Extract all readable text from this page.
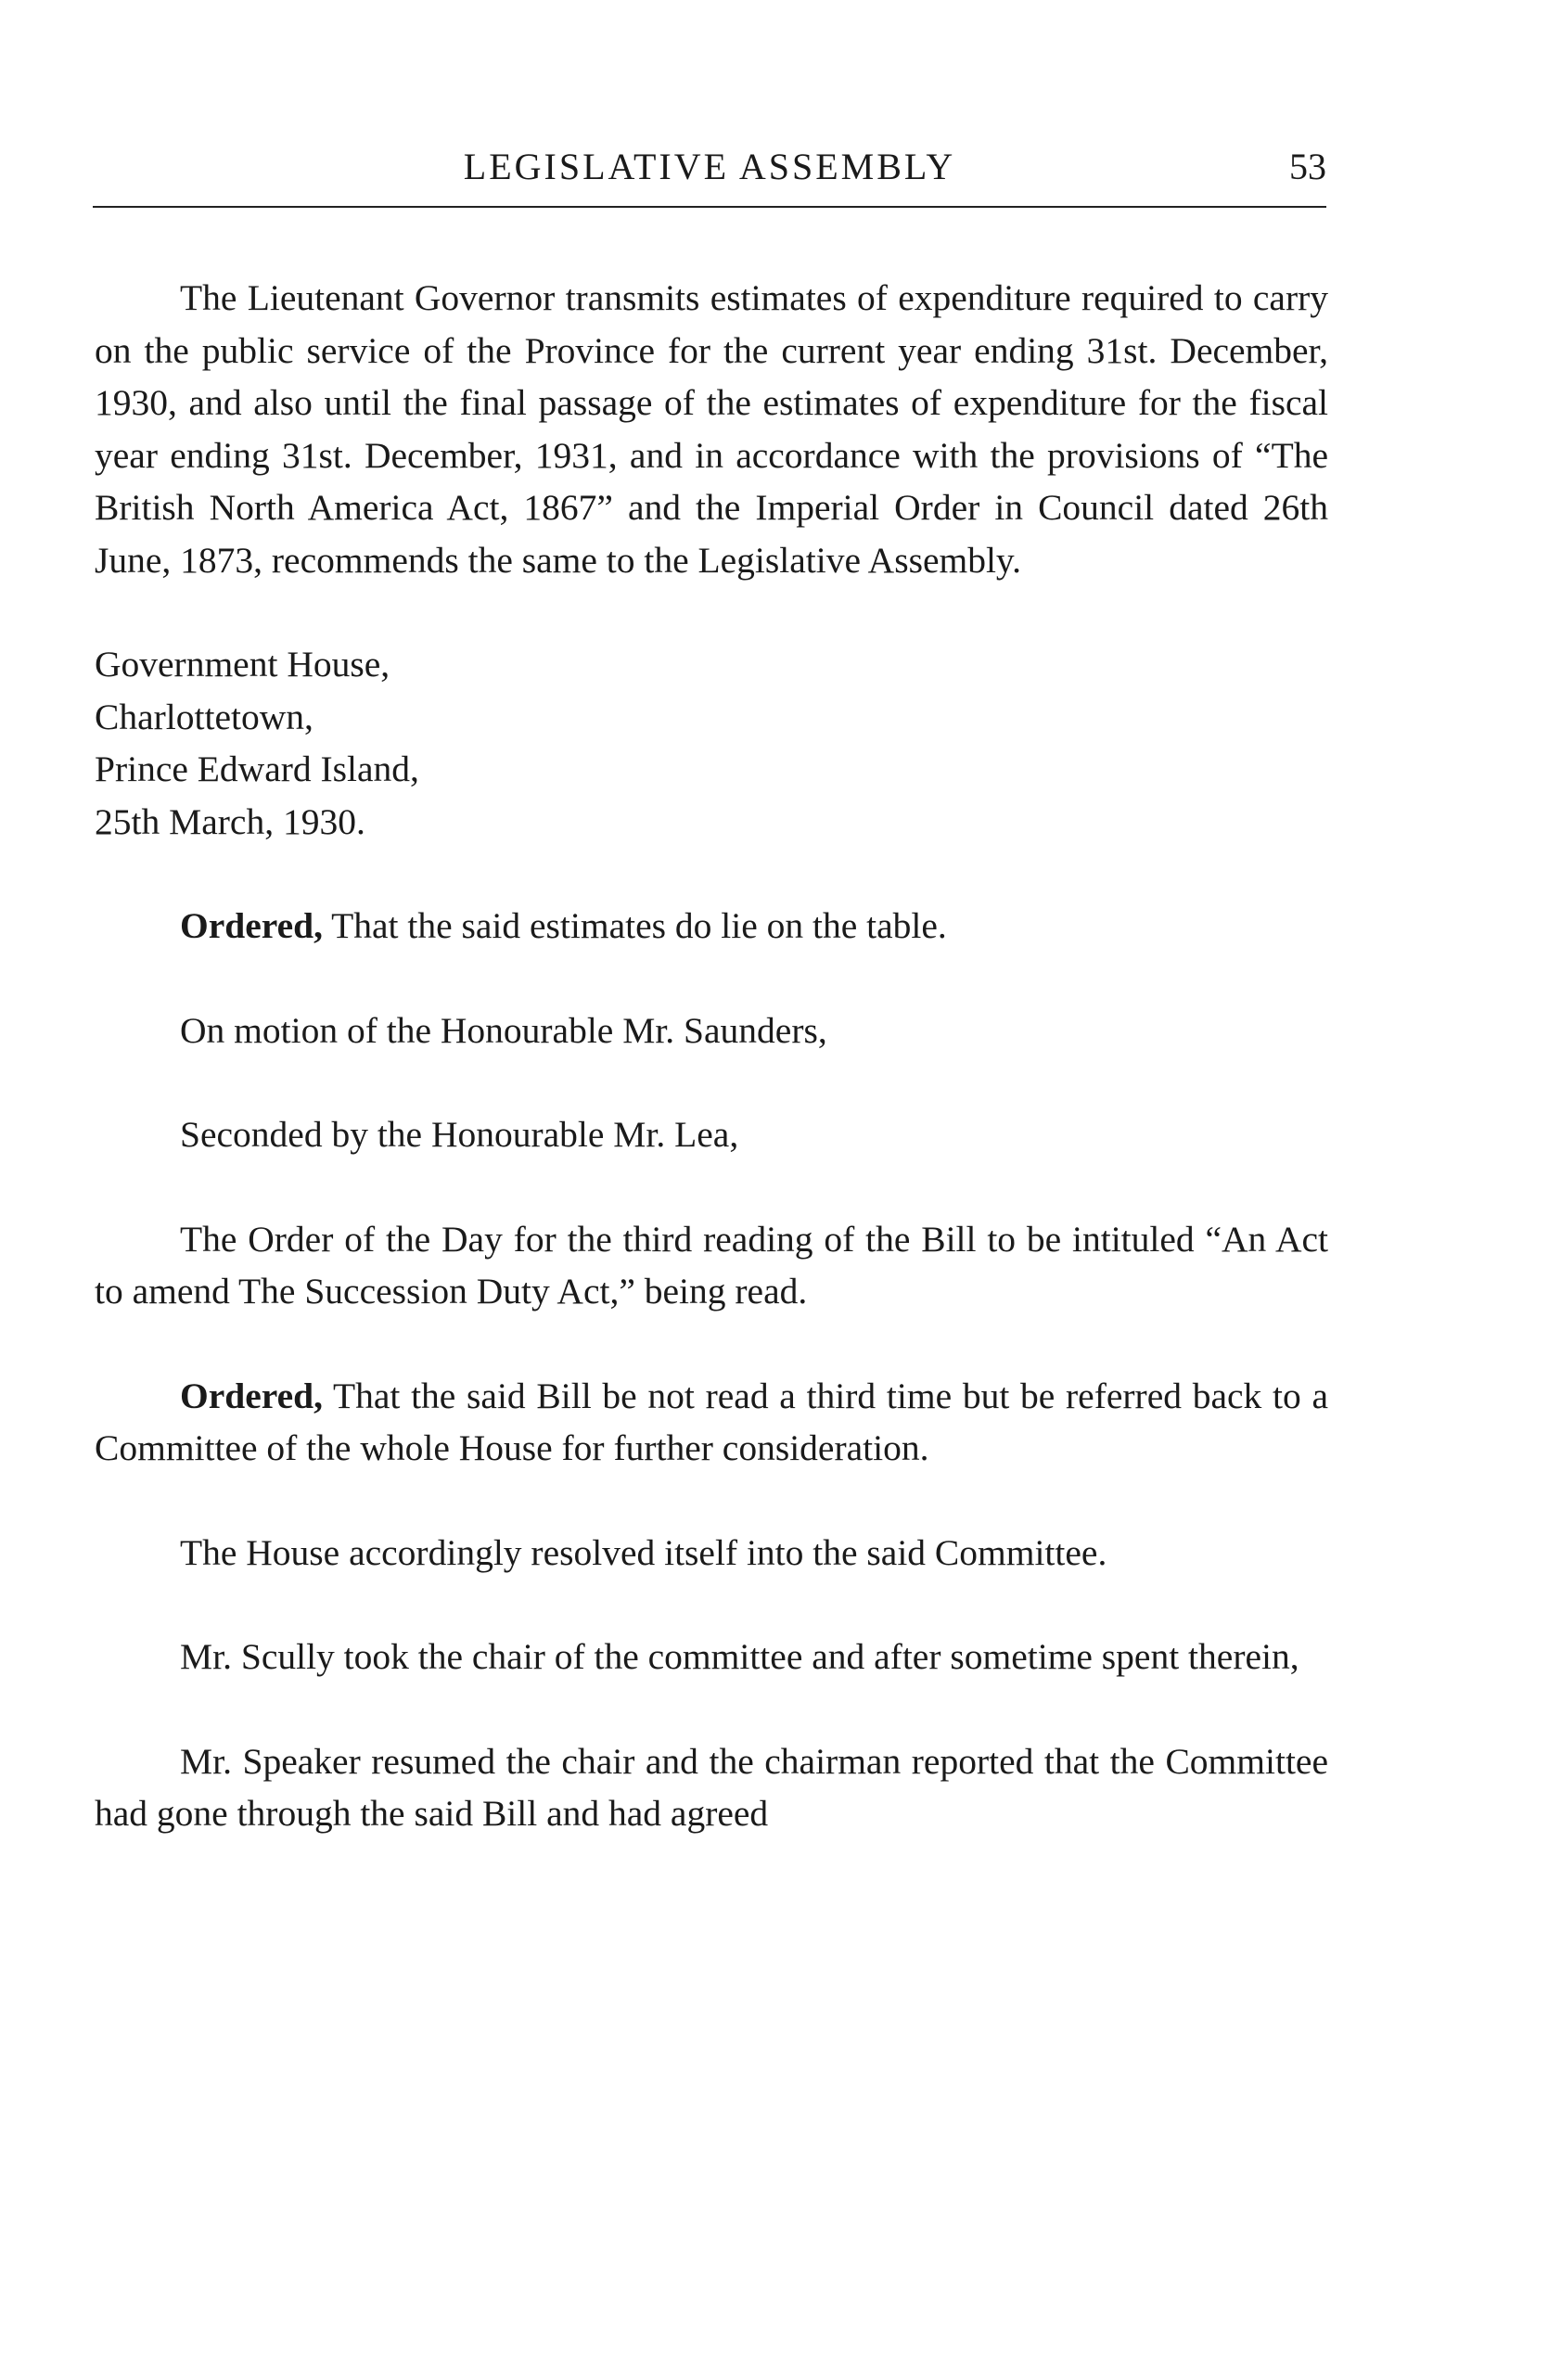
LEGISLATIVE ASSEMBLY	53

The Lieutenant Governor transmits estimates of expenditure required to carry on the public service of the Province for the current year ending 31st. December, 1930, and also until the final passage of the estimates of expenditure for the fiscal year ending 31st. December, 1931, and in accordance with the provisions of “The British North America Act, 1867” and the Imperial Order in Council dated 26th June, 1873, recommends the same to the Legislative Assembly.

Government House,
Charlottetown,
Prince Edward Island,
25th March, 1930.

Ordered, That the said estimates do lie on the table.

On motion of the Honourable Mr. Saunders,

Seconded by the Honourable Mr. Lea,

The Order of the Day for the third reading of the Bill to be intituled “An Act to amend The Succession Duty Act,” being read.

Ordered, That the said Bill be not read a third time but be referred back to a Committee of the whole House for further consideration.

The House accordingly resolved itself into the said Committee.

Mr. Scully took the chair of the committee and after sometime spent therein,

Mr. Speaker resumed the chair and the chairman reported that the Committee had gone through the said Bill and had agreed
